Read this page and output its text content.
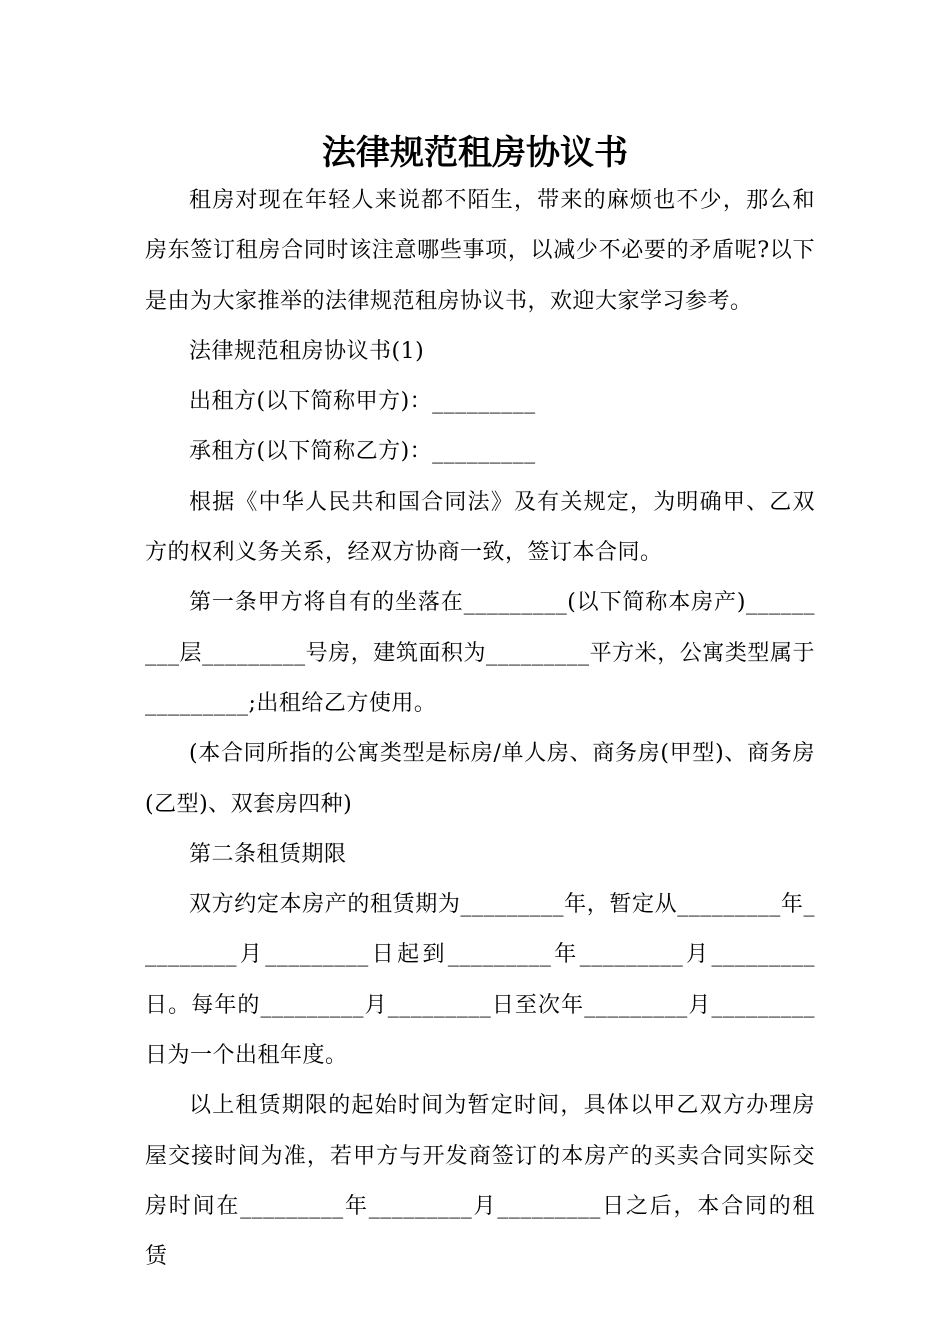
法律规范租房协议书

租房对现在年轻人来说都不陌生，带来的麻烦也不少，那么和房东签订租房合同时该注意哪些事项，以减少不必要的矛盾呢?以下是由为大家推举的法律规范租房协议书，欢迎大家学习参考。

法律规范租房协议书(1)

出租方(以下简称甲方)：_________

承租方(以下简称乙方)：_________

根据《中华人民共和国合同法》及有关规定，为明确甲、乙双方的权利义务关系，经双方协商一致，签订本合同。

第一条甲方将自有的坐落在_________(以下简称本房产)_________层_________号房，建筑面积为_________平方米，公寓类型属于_________;出租给乙方使用。

(本合同所指的公寓类型是标房/单人房、商务房(甲型)、商务房(乙型)、双套房四种)

第二条租赁期限

双方约定本房产的租赁期为_________年，暂定从_________年_________月_________日起到_________年_________月_________日。每年的_________月_________日至次年_________月_________日为一个出租年度。

以上租赁期限的起始时间为暂定时间，具体以甲乙双方办理房屋交接时间为准，若甲方与开发商签订的本房产的买卖合同实际交房时间在_________年_________月_________日之后，本合同的租赁
